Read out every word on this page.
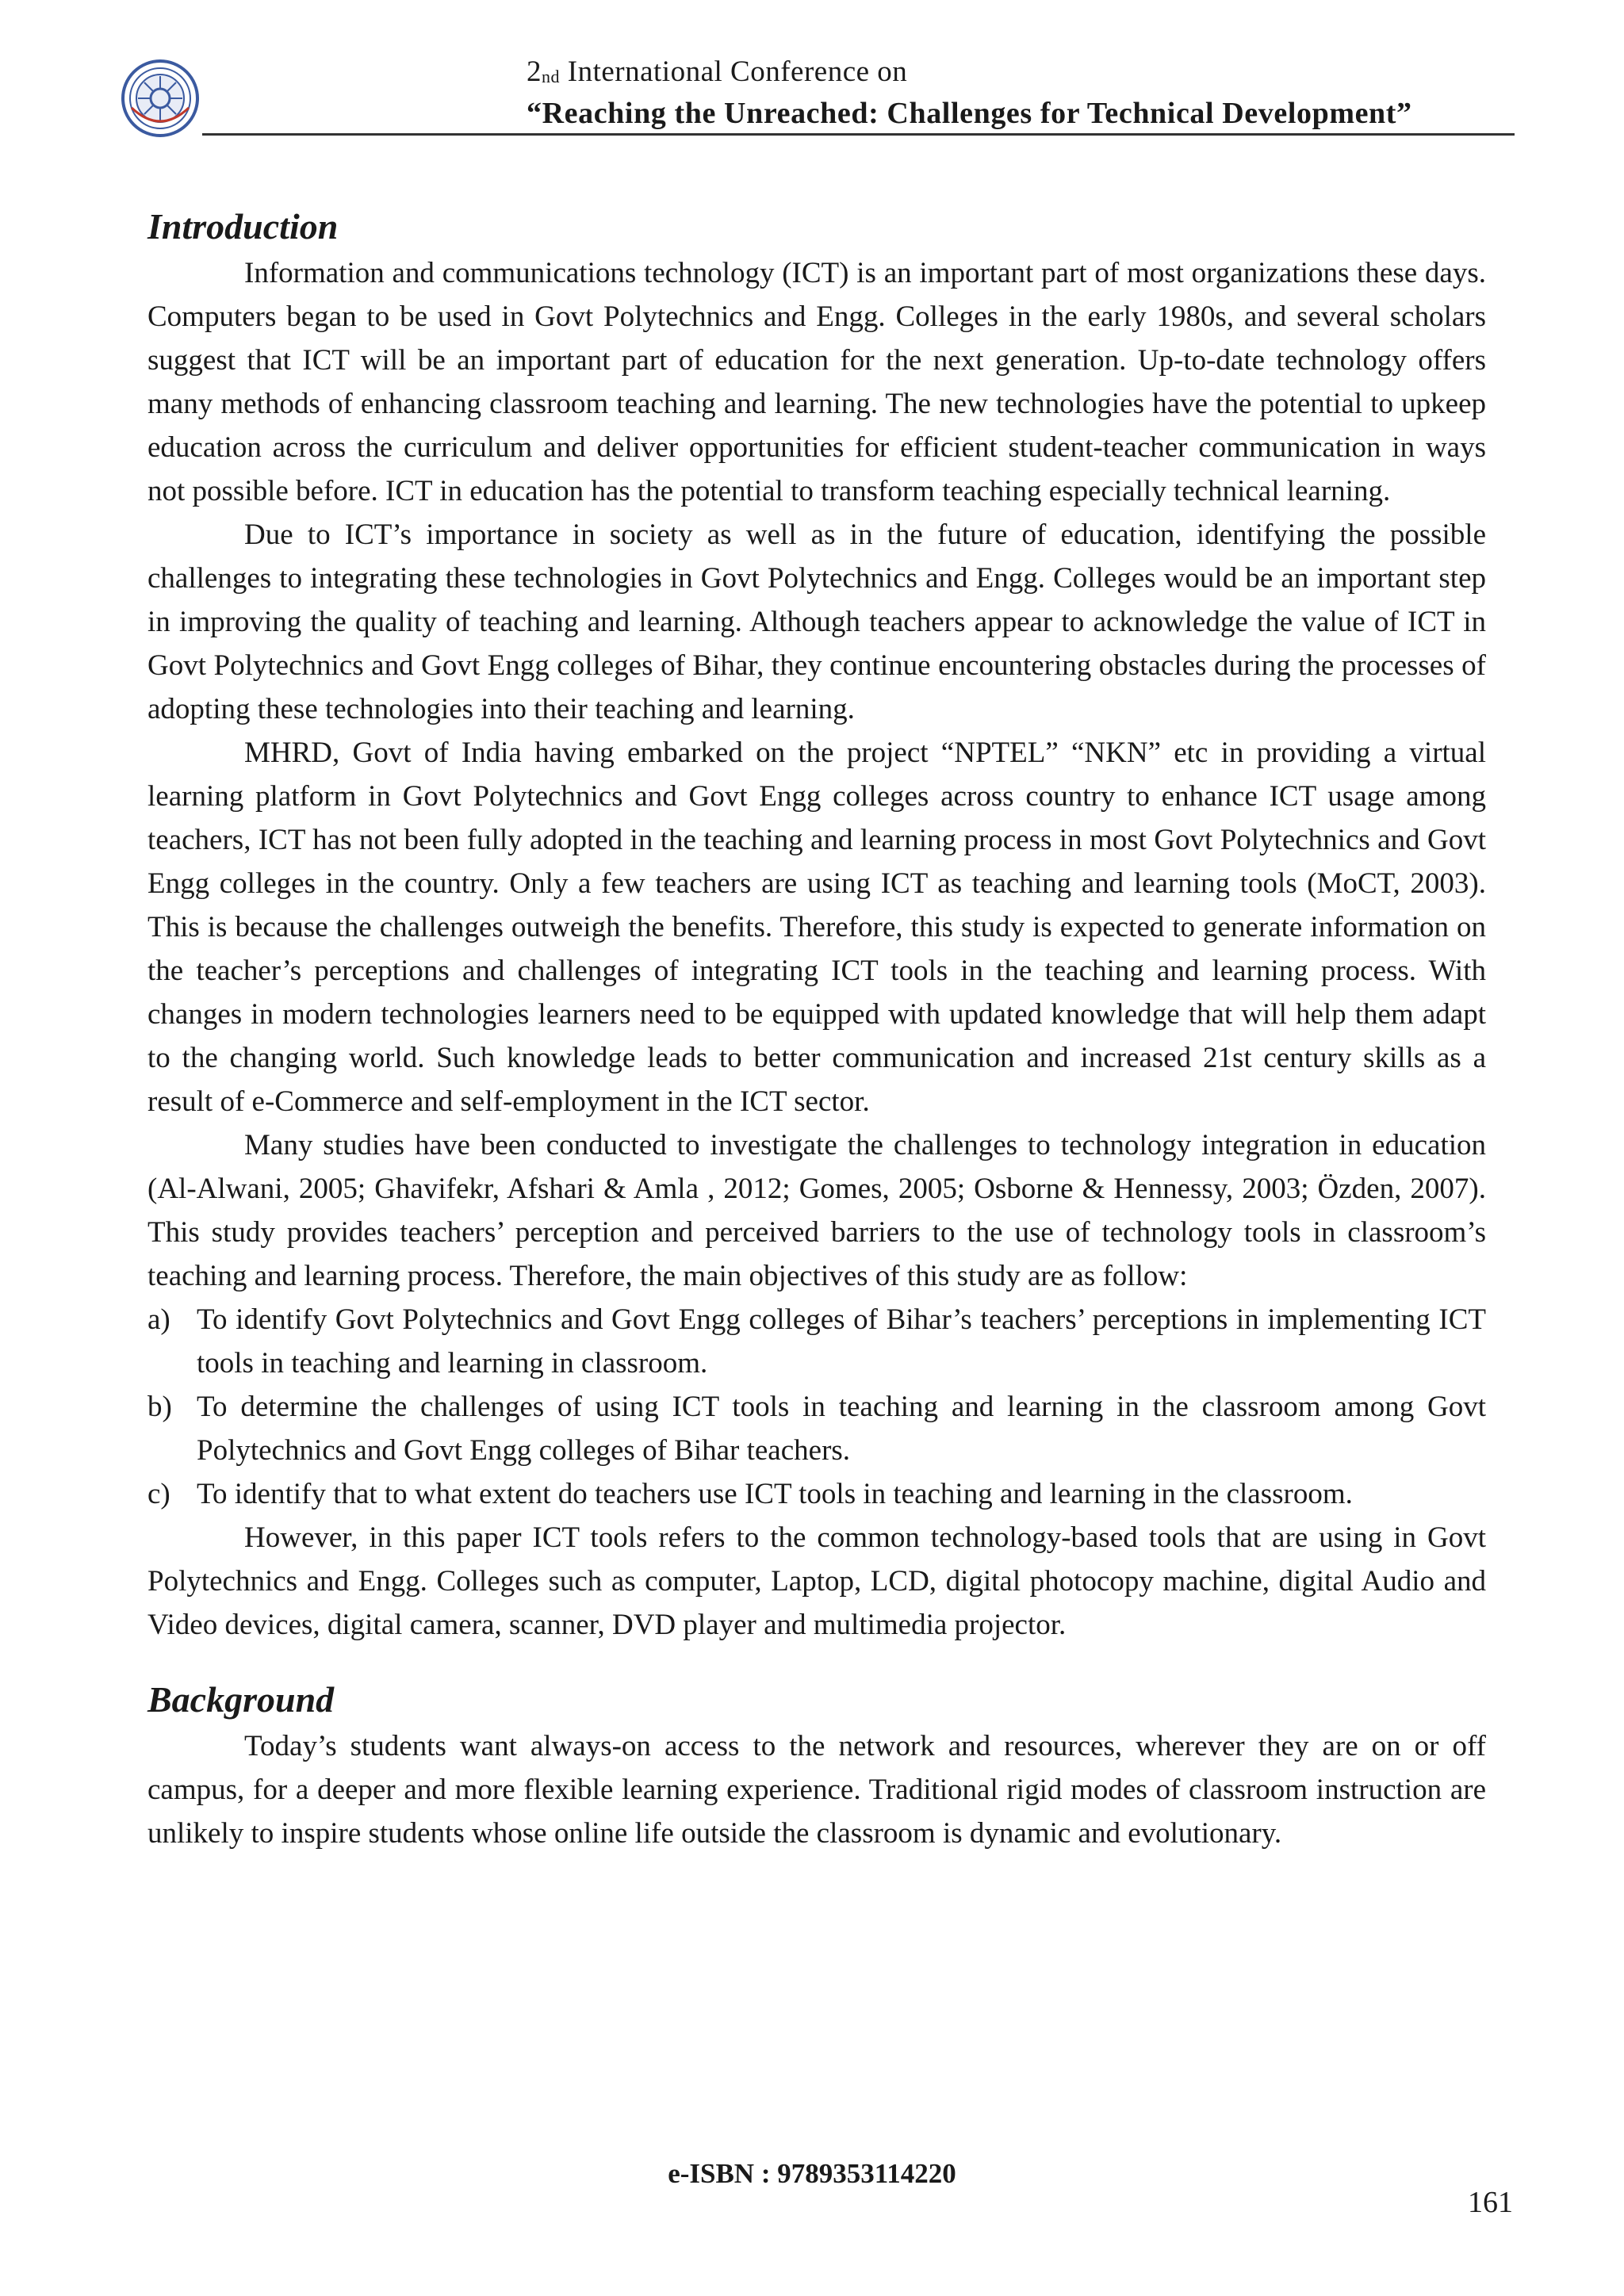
$2_{nd}$ International Conference on
“Reaching the Unreached: Challenges for Technical Development”
Introduction

Information and communications technology (ICT) is an important part of most organizations these days. Computers began to be used in Govt Polytechnics and Engg. Colleges in the early 1980s, and several scholars suggest that ICT will be an important part of education for the next generation. Up-to-date technology offers many methods of enhancing classroom teaching and learning. The new technologies have the potential to upkeep education across the curriculum and deliver opportunities for efficient student-teacher communication in ways not possible before. ICT in education has the potential to transform teaching especially technical learning.

Due to ICT’s importance in society as well as in the future of education, identifying the possible challenges to integrating these technologies in Govt Polytechnics and Engg. Colleges would be an important step in improving the quality of teaching and learning. Although teachers appear to acknowledge the value of ICT in Govt Polytechnics and Govt Engg colleges of Bihar, they continue encountering obstacles during the processes of adopting these technologies into their teaching and learning.

MHRD, Govt of India having embarked on the project “NPTEL” “NKN” etc in providing a virtual learning platform in Govt Polytechnics and Govt Engg colleges across country to enhance ICT usage among teachers, ICT has not been fully adopted in the teaching and learning process in most Govt Polytechnics and Govt Engg colleges in the country. Only a few teachers are using ICT as teaching and learning tools (MoCT, 2003). This is because the challenges outweigh the benefits. Therefore, this study is expected to generate information on the teacher’s perceptions and challenges of integrating ICT tools in the teaching and learning process. With changes in modern technologies learners need to be equipped with updated knowledge that will help them adapt to the changing world. Such knowledge leads to better communication and increased 21st century skills as a result of e-Commerce and self-employment in the ICT sector.

Many studies have been conducted to investigate the challenges to technology integration in education (Al-Alwani, 2005; Ghavifekr, Afshari & Amla , 2012; Gomes, 2005; Osborne & Hennessy, 2003; Özden, 2007). This study provides teachers’ perception and perceived barriers to the use of technology tools in classroom’s teaching and learning process. Therefore, the main objectives of this study are as follow:

a) To identify Govt Polytechnics and Govt Engg colleges of Bihar’s teachers’ perceptions in implementing ICT tools in teaching and learning in classroom.
b) To determine the challenges of using ICT tools in teaching and learning in the classroom among Govt Polytechnics and Govt Engg colleges of Bihar teachers.
c) To identify that to what extent do teachers use ICT tools in teaching and learning in the classroom.

However, in this paper ICT tools refers to the common technology-based tools that are using in Govt Polytechnics and Engg. Colleges such as computer, Laptop, LCD, digital photocopy machine, digital Audio and Video devices, digital camera, scanner, DVD player and multimedia projector.

Background

Today’s students want always-on access to the network and resources, wherever they are on or off campus, for a deeper and more flexible learning experience. Traditional rigid modes of classroom instruction are unlikely to inspire students whose online life outside the classroom is dynamic and evolutionary.

e-ISBN : 9789353114220
161
